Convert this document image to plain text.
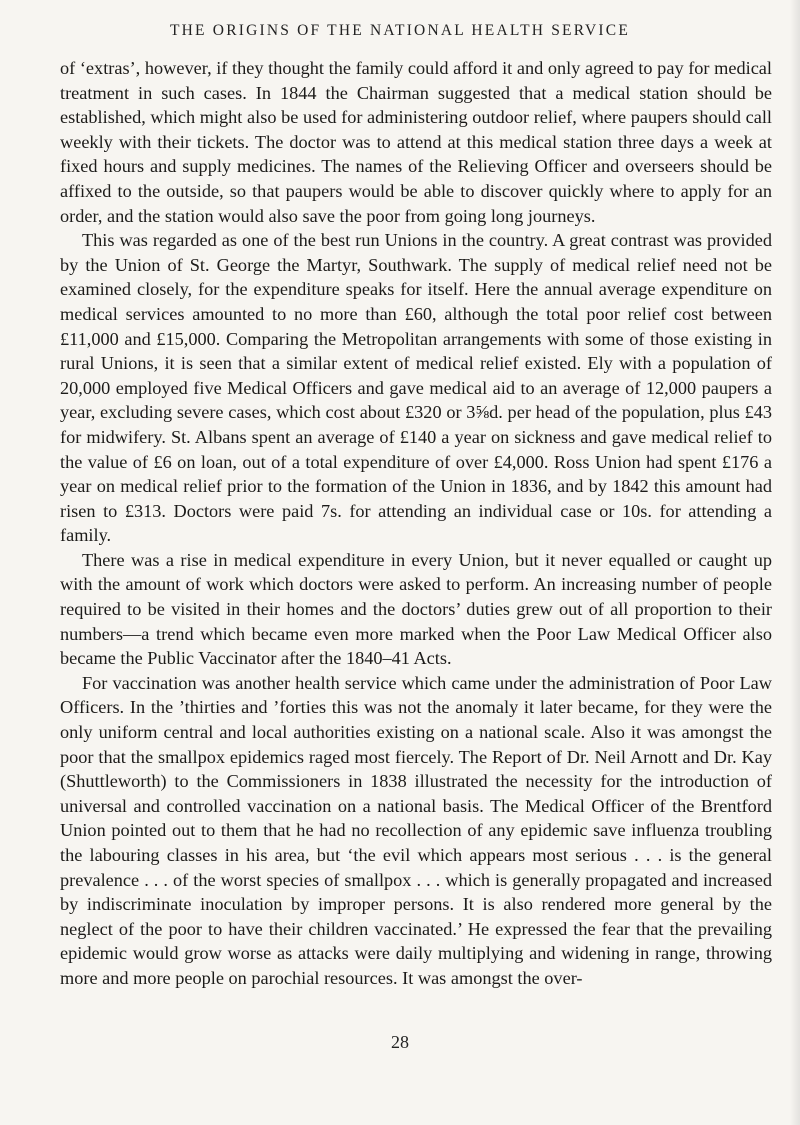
THE ORIGINS OF THE NATIONAL HEALTH SERVICE

of ‘extras’, however, if they thought the family could afford it and only agreed to pay for medical treatment in such cases. In 1844 the Chairman suggested that a medical station should be established, which might also be used for administering outdoor relief, where paupers should call weekly with their tickets. The doctor was to attend at this medical station three days a week at fixed hours and supply medicines. The names of the Relieving Officer and overseers should be affixed to the outside, so that paupers would be able to discover quickly where to apply for an order, and the station would also save the poor from going long journeys.

This was regarded as one of the best run Unions in the country. A great contrast was provided by the Union of St. George the Martyr, Southwark. The supply of medical relief need not be examined closely, for the expenditure speaks for itself. Here the annual average expenditure on medical services amounted to no more than £60, although the total poor relief cost between £11,000 and £15,000. Comparing the Metropolitan arrangements with some of those existing in rural Unions, it is seen that a similar extent of medical relief existed. Ely with a population of 20,000 employed five Medical Officers and gave medical aid to an average of 12,000 paupers a year, excluding severe cases, which cost about £320 or 3⅝d. per head of the population, plus £43 for midwifery. St. Albans spent an average of £140 a year on sickness and gave medical relief to the value of £6 on loan, out of a total expenditure of over £4,000. Ross Union had spent £176 a year on medical relief prior to the formation of the Union in 1836, and by 1842 this amount had risen to £313. Doctors were paid 7s. for attending an individual case or 10s. for attending a family.

There was a rise in medical expenditure in every Union, but it never equalled or caught up with the amount of work which doctors were asked to perform. An increasing number of people required to be visited in their homes and the doctors’ duties grew out of all proportion to their numbers—a trend which became even more marked when the Poor Law Medical Officer also became the Public Vaccinator after the 1840–41 Acts.

For vaccination was another health service which came under the administration of Poor Law Officers. In the ’thirties and ’forties this was not the anomaly it later became, for they were the only uniform central and local authorities existing on a national scale. Also it was amongst the poor that the smallpox epidemics raged most fiercely. The Report of Dr. Neil Arnott and Dr. Kay (Shuttleworth) to the Commissioners in 1838 illustrated the necessity for the introduction of universal and controlled vaccination on a national basis. The Medical Officer of the Brentford Union pointed out to them that he had no recollection of any epidemic save influenza troubling the labouring classes in his area, but ‘the evil which appears most serious . . . is the general prevalence . . . of the worst species of smallpox . . . which is generally propagated and increased by indiscriminate inoculation by improper persons. It is also rendered more general by the neglect of the poor to have their children vaccinated.’ He expressed the fear that the prevailing epidemic would grow worse as attacks were daily multiplying and widening in range, throwing more and more people on parochial resources. It was amongst the over-

28
